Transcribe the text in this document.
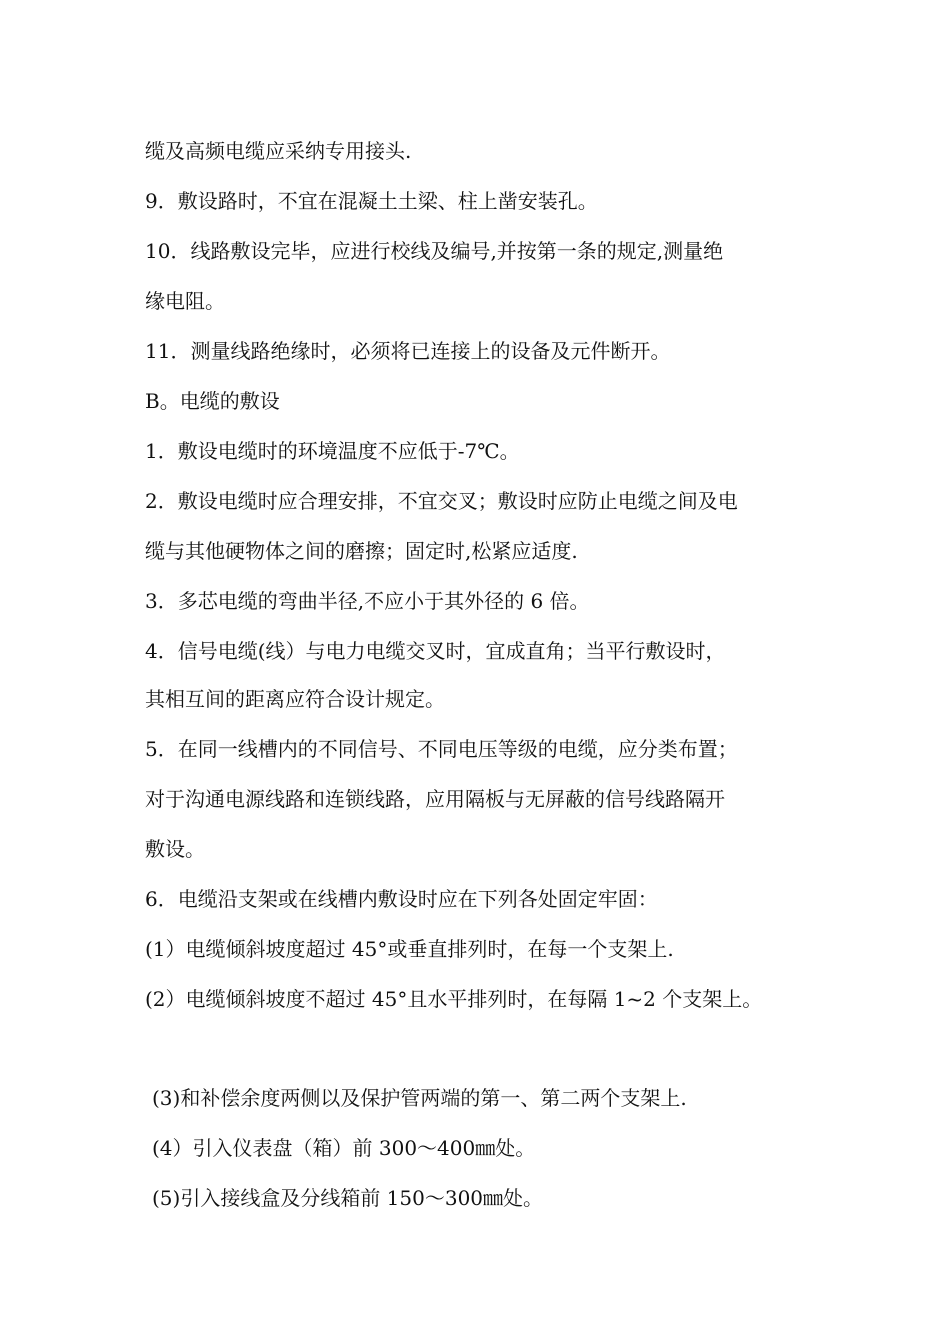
缆及高频电缆应采纳专用接头.
9．敷设路时，不宜在混凝土土梁、柱上凿安装孔。
10．线路敷设完毕，应进行校线及编号,并按第一条的规定,测量绝
缘电阻。
11．测量线路绝缘时，必须将已连接上的设备及元件断开。
B。电缆的敷设
1．敷设电缆时的环境温度不应低于-7℃。
2．敷设电缆时应合理安排，不宜交叉；敷设时应防止电缆之间及电
缆与其他硬物体之间的磨擦；固定时,松紧应适度.
3．多芯电缆的弯曲半径,不应小于其外径的 6 倍。
4．信号电缆(线）与电力电缆交叉时，宜成直角；当平行敷设时，
其相互间的距离应符合设计规定。
5．在同一线槽内的不同信号、不同电压等级的电缆，应分类布置；
对于沟通电源线路和连锁线路，应用隔板与无屏蔽的信号线路隔开
敷设。
6．电缆沿支架或在线槽内敷设时应在下列各处固定牢固：
(1）电缆倾斜坡度超过 45°或垂直排列时，在每一个支架上.
(2）电缆倾斜坡度不超过 45°且水平排列时，在每隔 1~2 个支架上。
(3)和补偿余度两侧以及保护管两端的第一、第二两个支架上.
(4）引入仪表盘（箱）前 300～400㎜处。
(5)引入接线盒及分线箱前 150～300㎜处。
